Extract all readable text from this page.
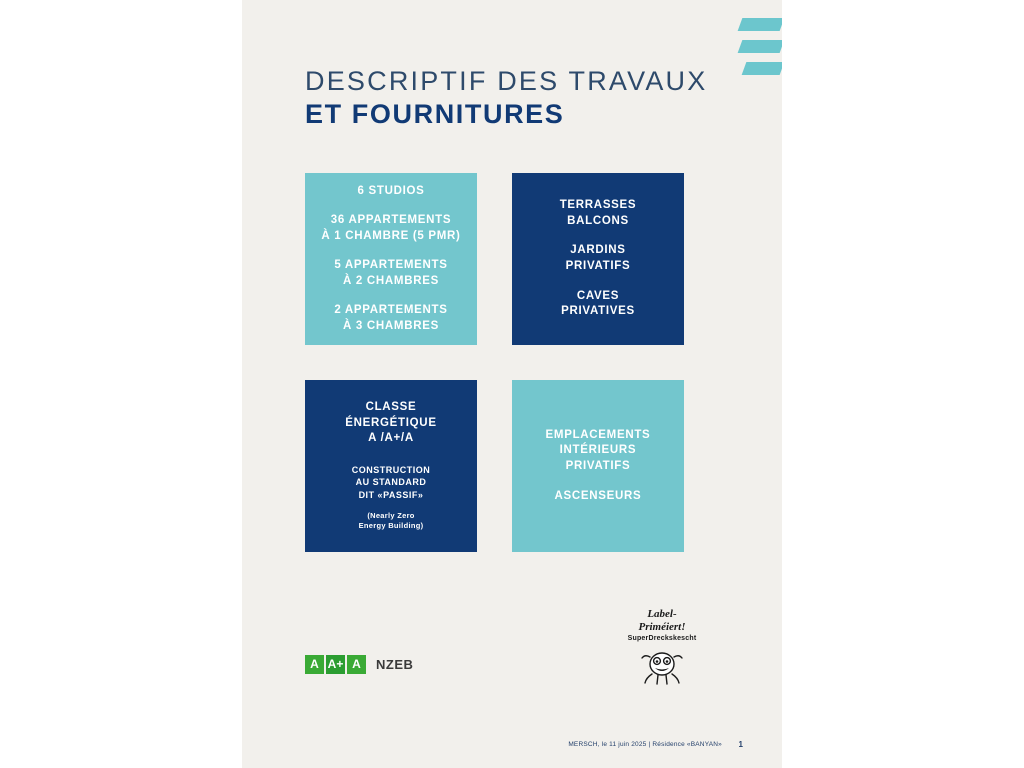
DESCRIPTIF DES TRAVAUX
ET FOURNITURES

6 STUDIOS

36 APPARTEMENTS

À 1 CHAMBRE (5 PMR)

5 APPARTEMENTS

À 2 CHAMBRES

2 APPARTEMENTS

À 3 CHAMBRES

TERRASSES

BALCONS

JARDINS

PRIVATIFS

CAVES

PRIVATIVES

CLASSE

ÉNERGÉTIQUE

A /A+/A

CONSTRUCTION
AU STANDARD
DIT «PASSIF»
(Nearly Zero
Energy Building)

EMPLACEMENTS

INTÉRIEURS

PRIVATIFS

ASCENSEURS

A A+ A	NZEB
Label-
Priméiert!
SuperDreckskescht
MERSCH, le 11 juin 2025 | Résidence «BANYAN» 1
